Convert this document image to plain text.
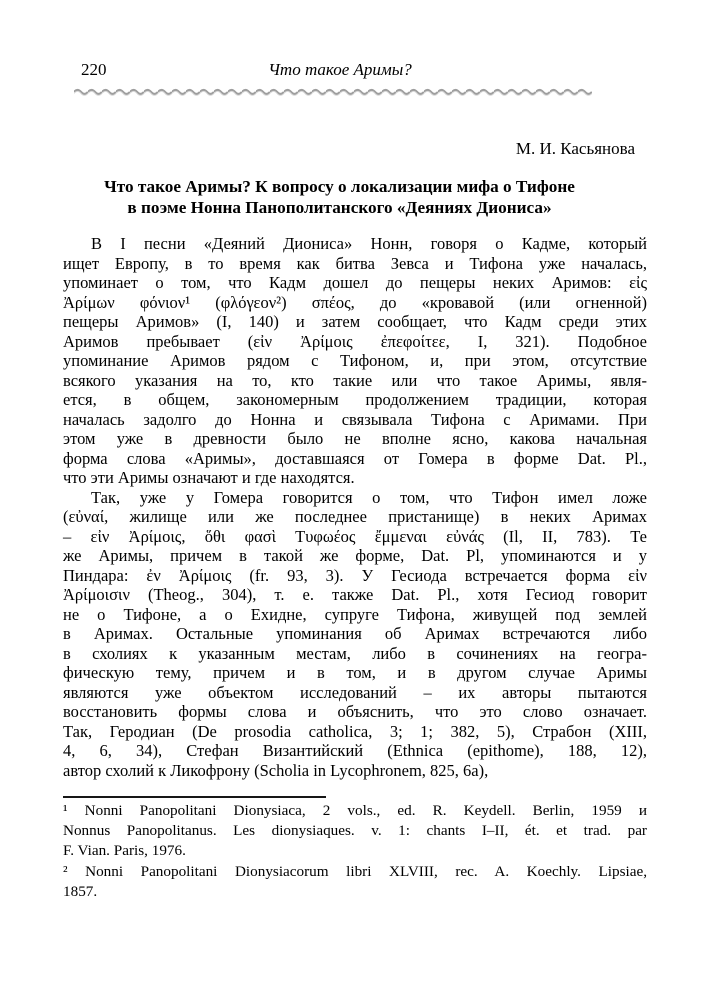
220	Что такое Аримы?
М. И. Касьянова
Что такое Аримы? К вопросу о локализации мифа о Тифоне
в поэме Нонна Панополитанского «Деяниях Диониса»
В I песни «Деяний Диониса» Нонн, говоря о Кадме, который
ищет Европу, в то время как битва Зевса и Тифона уже началась,
упоминает о том, что Кадм дошел до пещеры неких Аримов: εἰς
Ἀρίμων φόνιον¹ (φλόγεον²) σπέος, до «кровавой (или огненной)
пещеры Аримов» (I, 140) и затем сообщает, что Кадм среди этих
Аримов пребывает (εἰν Ἀρίμοις ἐπεφοίτεε, I, 321). Подобное
упоминание Аримов рядом с Тифоном, и, при этом, отсутствие
всякого указания на то, кто такие или что такое Аримы, явля-
ется, в общем, закономерным продолжением традиции, которая
началась задолго до Нонна и связывала Тифона с Аримами. При
этом уже в древности было не вполне ясно, какова начальная
форма слова «Аримы», доставшаяся от Гомера в форме Dat. Pl.,
что эти Аримы означают и где находятся.
Так, уже у Гомера говорится о том, что Тифон имел ложе
(εὐναί, жилище или же последнее пристанище) в неких Аримах
– εἰν Ἀρίμοις, ὅθι φασὶ Τυφωέος ἔμμεναι εὐνάς (Il, II, 783). Те
же Аримы, причем в такой же форме, Dat. Pl, упоминаются и у
Пиндара: ἐν Ἀρίμοις (fr. 93, 3). У Гесиода встречается форма εἰν
Ἀρίμοισιν (Theog., 304), т. е. также Dat. Pl., хотя Гесиод говорит
не о Тифоне, а о Ехидне, супруге Тифона, живущей под землей
в Аримах. Остальные упоминания об Аримах встречаются либо
в схолиях к указанным местам, либо в сочинениях на геогра-
фическую тему, причем и в том, и в другом случае Аримы
являются уже объектом исследований – их авторы пытаются
восстановить формы слова и объяснить, что это слово означает.
Так, Геродиан (De prosodia catholica, 3; 1; 382, 5), Страбон (XIII,
4, 6, 34), Стефан Византийский (Ethnica (epithome), 188, 12),
автор схолий к Ликофрону (Scholia in Lycophronem, 825, 6a),
¹ Nonni Panopolitani Dionysiaca, 2 vols., ed. R. Keydell. Berlin, 1959 и
Nonnus Panopolitanus. Les dionysiaques. v. 1: chants I–II, ét. et trad. par
F. Vian. Paris, 1976.
² Nonni Panopolitani Dionysiacorum libri XLVIII, rec. A. Koechly. Lipsiae,
1857.
